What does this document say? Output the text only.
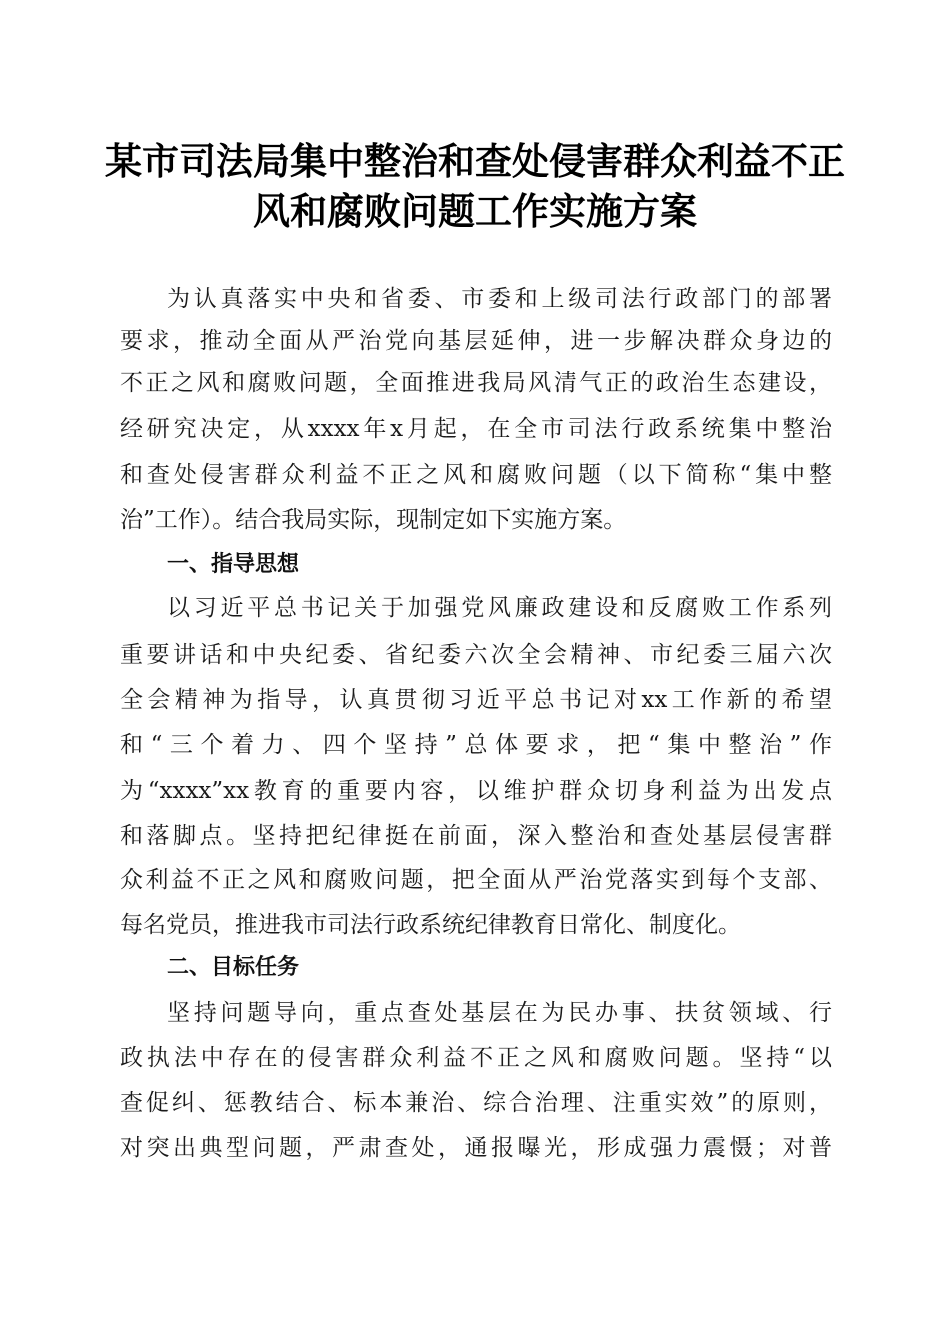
某市司法局集中整治和查处侵害群众利益不正
风和腐败问题工作实施方案
为认真落实中央和省委、市委和上级司法行政部门的部署
要求，推动全面从严治党向基层延伸，进一步解决群众身边的
不正之风和腐败问题，全面推进我局风清气正的政治生态建设，
经研究决定，从xxxx年x月起，在全市司法行政系统集中整治
和查处侵害群众利益不正之风和腐败问题（以下简称“集中整
治”工作）。结合我局实际，现制定如下实施方案。
一、指导思想
以习近平总书记关于加强党风廉政建设和反腐败工作系列
重要讲话和中央纪委、省纪委六次全会精神、市纪委三届六次
全会精神为指导，认真贯彻习近平总书记对xx工作新的希望
和“三个着力、四个坚持”总体要求，把“集中整治”作
为“xxxx”xx教育的重要内容，以维护群众切身利益为出发点
和落脚点。坚持把纪律挺在前面，深入整治和查处基层侵害群
众利益不正之风和腐败问题，把全面从严治党落实到每个支部、
每名党员，推进我市司法行政系统纪律教育日常化、制度化。
二、目标任务
坚持问题导向，重点查处基层在为民办事、扶贫领域、行
政执法中存在的侵害群众利益不正之风和腐败问题。坚持“以
查促纠、惩教结合、标本兼治、综合治理、注重实效”的原则，
对突出典型问题，严肃查处，通报曝光，形成强力震慑；对普
